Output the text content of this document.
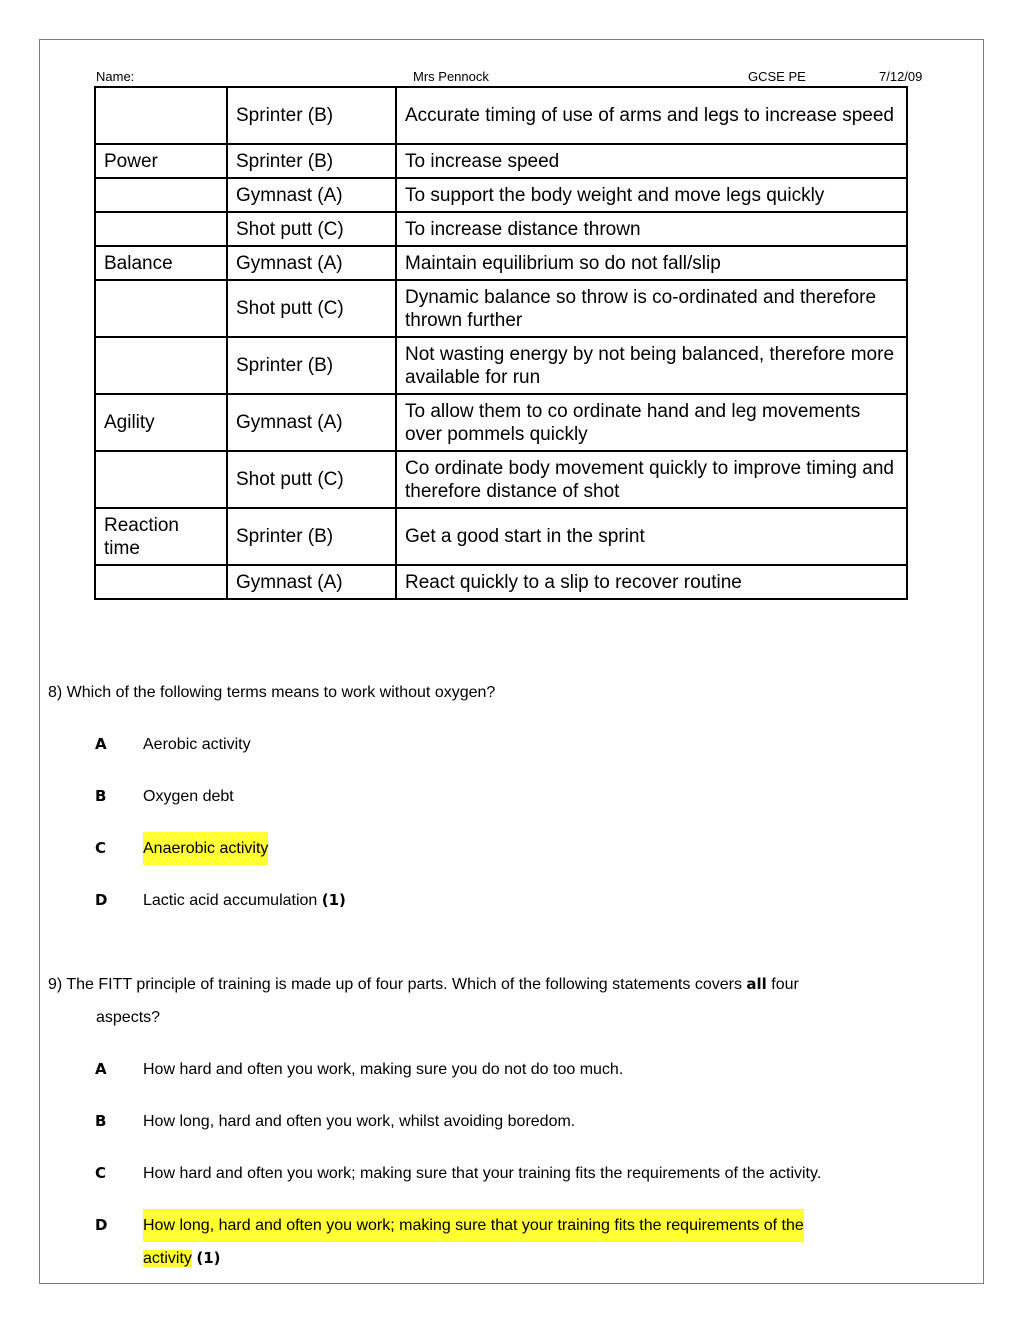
Name:	Mrs Pennock	GCSE PE	7/12/09
	Sprinter (B)	Accurate timing of use of arms and legs to increase speed
Power	Sprinter (B)	To increase speed
	Gymnast (A)	To support the body weight and move legs quickly
	Shot putt (C)	To increase distance thrown
Balance	Gymnast (A)	Maintain equilibrium so do not fall/slip
	Shot putt (C)	Dynamic balance so throw is co-ordinated and therefore thrown further
	Sprinter (B)	Not wasting energy by not being balanced, therefore more available for run
Agility	Gymnast (A)	To allow them to co ordinate hand and leg movements over pommels quickly
	Shot putt (C)	Co ordinate body movement quickly to improve timing and therefore distance of shot
Reaction time	Sprinter (B)	Get a good start in the sprint
	Gymnast (A)	React quickly to a slip to recover routine
8) Which of the following terms means to work without oxygen?
A Aerobic activity
B Oxygen debt
C Anaerobic activity
D Lactic acid accumulation (1)
9) The FITT principle of training is made up of four parts. Which of the following statements covers all four
aspects?
A How hard and often you work, making sure you do not do too much.
B How long, hard and often you work, whilst avoiding boredom.
C How hard and often you work; making sure that your training fits the requirements of the activity.
D How long, hard and often you work; making sure that your training fits the requirements of the
activity (1)
